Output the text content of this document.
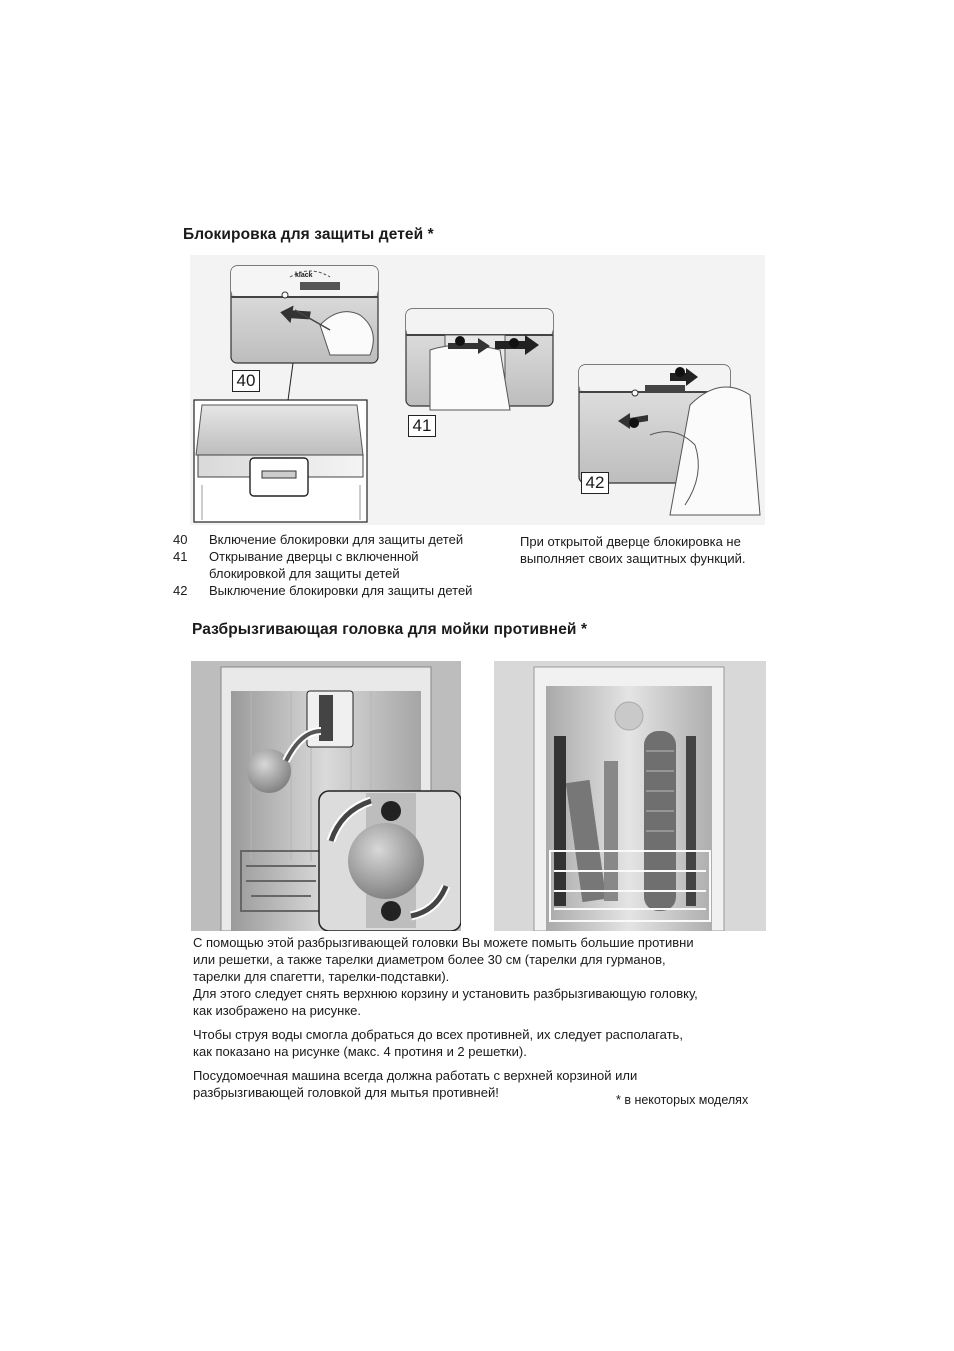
Блокировка для защиты детей *
40
41
42
klack
40	Включение блокировки для защиты детей
41	Открывание дверцы с включенной
блокировкой для защиты детей
42	Выключение блокировки для защиты детей
При открытой дверце блокировка не
выполняет своих защитных функций.
Разбрызгивающая головка для мойки противней *
С помощью этой разбрызгивающей головки Вы можете помыть большие противни
или решетки, а также тарелки диаметром более 30 см (тарелки для гурманов,
тарелки для спагетти, тарелки-подставки).
Для этого следует снять верхнюю корзину и установить разбрызгивающую головку,
как изображено на рисунке.
Чтобы струя воды смогла добраться до всех противней, их следует располагать,
как показано на рисунке (макс. 4 протиня и 2 решетки).
Посудомоечная машина всегда должна работать с верхней корзиной или
разбрызгивающей головкой для мытья противней!	* в некоторых моделях
